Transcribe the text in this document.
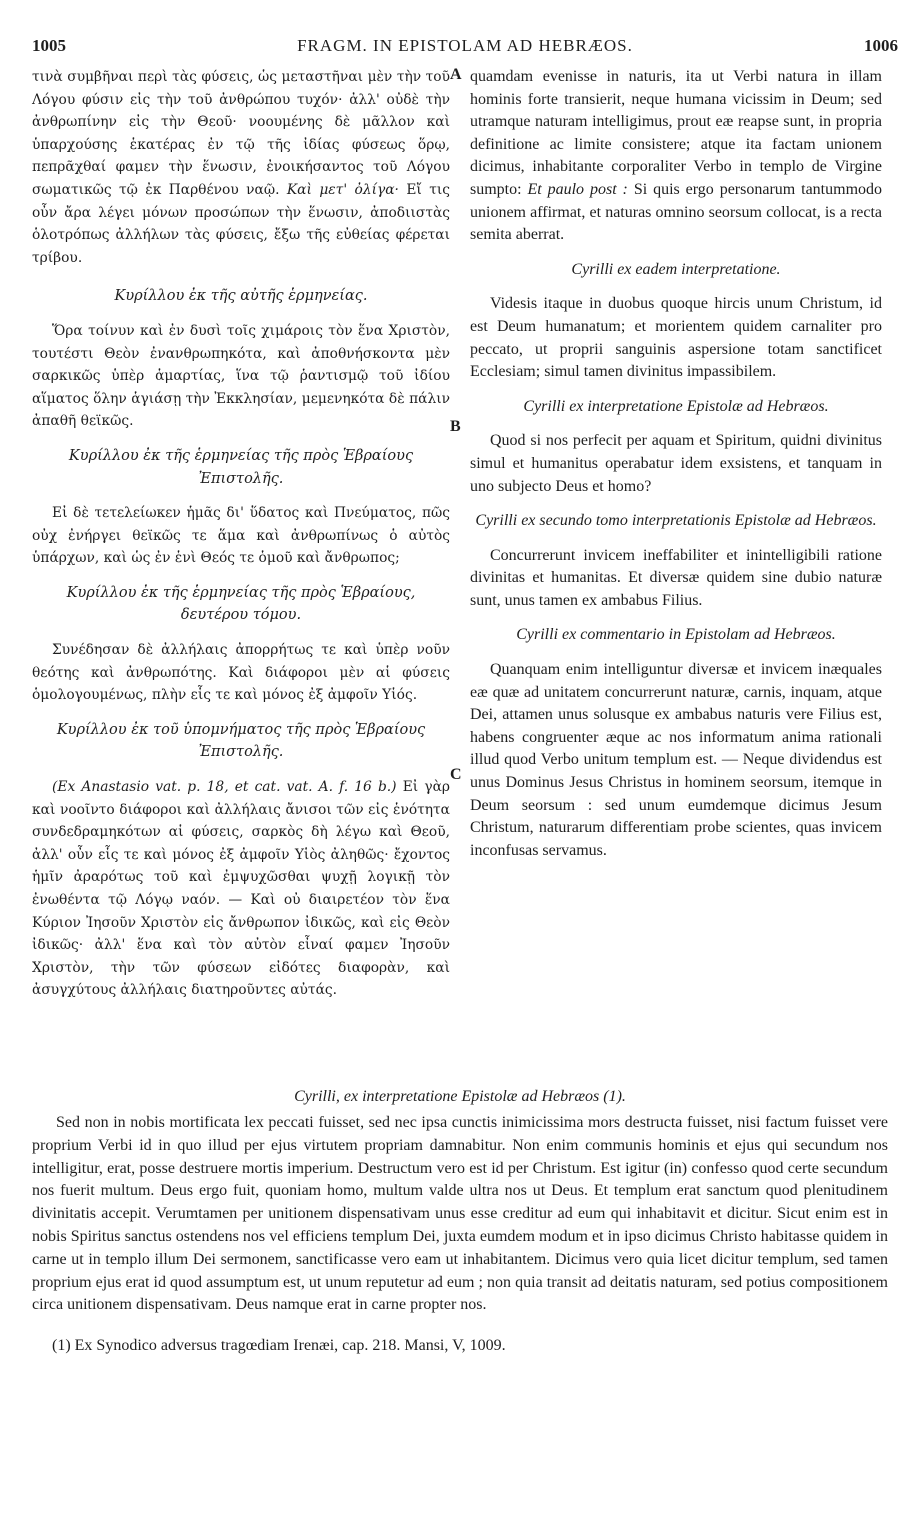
1005	FRAGM. IN EPISTOLAM AD HEBRÆOS.	1006
A
B
C

τινὰ συμβῆναι περὶ τὰς φύσεις, ὡς μεταστῆναι μὲν τὴν τοῦ Λόγου φύσιν εἰς τὴν τοῦ ἀνθρώπου τυχόν· ἀλλ' οὐδὲ τὴν ἀνθρωπίνην εἰς τὴν Θεοῦ· νοουμένης δὲ μᾶλλον καὶ ὑπαρχούσης ἑκατέρας ἐν τῷ τῆς ἰδίας φύσεως ὅρῳ, πεπρᾶχθαί φαμεν τὴν ἕνωσιν, ἐνοικήσαντος τοῦ Λόγου σωματικῶς τῷ ἐκ Παρθένου ναῷ. Καὶ μετ' ὀλίγα· Εἴ τις οὖν ἄρα λέγει μόνων προσώπων τὴν ἕνωσιν, ἀποδιιστὰς ὁλοτρόπως ἀλλήλων τὰς φύσεις, ἔξω τῆς εὐθείας φέρεται τρίβου.

Κυρίλλου ἐκ τῆς αὐτῆς ἑρμηνείας.

Ὅρα τοίνυν καὶ ἐν δυσὶ τοῖς χιμάροις τὸν ἕνα Χριστὸν, τουτέστι Θεὸν ἐνανθρωπηκότα, καὶ ἀποθνήσκοντα μὲν σαρκικῶς ὑπὲρ ἁμαρτίας, ἵνα τῷ ῥαντισμῷ τοῦ ἰδίου αἵματος ὅλην ἁγιάσῃ τὴν Ἐκκλησίαν, μεμενηκότα δὲ πάλιν ἀπαθῆ θεϊκῶς.

Κυρίλλου ἐκ τῆς ἑρμηνείας τῆς πρὸς Ἑβραίους Ἐπιστολῆς.

Εἰ δὲ τετελείωκεν ἡμᾶς δι' ὕδατος καὶ Πνεύματος, πῶς οὐχ ἐνήργει θεϊκῶς τε ἅμα καὶ ἀνθρωπίνως ὁ αὐτὸς ὑπάρχων, καὶ ὡς ἐν ἑνὶ Θεός τε ὁμοῦ καὶ ἄνθρωπος;

Κυρίλλου ἐκ τῆς ἑρμηνείας τῆς πρὸς Ἑβραίους, δευτέρου τόμου.

Συνέδησαν δὲ ἀλλήλαις ἀπορρήτως τε καὶ ὑπὲρ νοῦν θεότης καὶ ἀνθρωπότης. Καὶ διάφοροι μὲν αἱ φύσεις ὁμολογουμένως, πλὴν εἷς τε καὶ μόνος ἐξ ἀμφοῖν Υἱός.

Κυρίλλου ἐκ τοῦ ὑπομνήματος τῆς πρὸς Ἑβραίους Ἐπιστολῆς.

(Ex Anastasio vat. p. 18, et cat. vat. A. f. 16 b.) Εἰ γὰρ καὶ νοοῖντο διάφοροι καὶ ἀλλήλαις ἄνισοι τῶν εἰς ἑνότητα συνδεδραμηκότων αἱ φύσεις, σαρκὸς δὴ λέγω καὶ Θεοῦ, ἀλλ' οὖν εἷς τε καὶ μόνος ἐξ ἀμφοῖν Υἱὸς ἀληθῶς· ἔχοντος ἡμῖν ἀραρότως τοῦ καὶ ἐμψυχῶσθαι ψυχῇ λογικῇ τὸν ἐνωθέντα τῷ Λόγῳ ναόν. — Καὶ οὐ διαιρετέον τὸν ἕνα Κύριον Ἰησοῦν Χριστὸν εἰς ἄνθρωπον ἰδικῶς, καὶ εἰς Θεὸν ἰδικῶς· ἀλλ' ἕνα καὶ τὸν αὐτὸν εἶναί φαμεν Ἰησοῦν Χριστὸν, τὴν τῶν φύσεων εἰδότες διαφορὰν, καὶ ἀσυγχύτους ἀλλήλαις διατηροῦντες αὐτάς.

quamdam evenisse in naturis, ita ut Verbi natura in illam hominis forte transierit, neque humana vicissim in Deum; sed utramque naturam intelligimus, prout eæ reapse sunt, in propria definitione ac limite consistere; atque ita factam unionem dicimus, inhabitante corporaliter Verbo in templo de Virgine sumpto: Et paulo post : Si quis ergo personarum tantummodo unionem affirmat, et naturas omnino seorsum collocat, is a recta semita aberrat.

Cyrilli ex eadem interpretatione.

Videsis itaque in duobus quoque hircis unum Christum, id est Deum humanatum; et morientem quidem carnaliter pro peccato, ut proprii sanguinis aspersione totam sanctificet Ecclesiam; simul tamen divinitus impassibilem.

Cyrilli ex interpretatione Epistolæ ad Hebræos.

Quod si nos perfecit per aquam et Spiritum, quidni divinitus simul et humanitus operabatur idem exsistens, et tanquam in uno subjecto Deus et homo?

Cyrilli ex secundo tomo interpretationis Epistolæ ad Hebræos.

Concurrerunt invicem ineffabiliter et inintelligibili ratione divinitas et humanitas. Et diversæ quidem sine dubio naturæ sunt, unus tamen ex ambabus Filius.

Cyrilli ex commentario in Epistolam ad Hebræos.

Quanquam enim intelliguntur diversæ et invicem inæquales eæ quæ ad unitatem concurrerunt naturæ, carnis, inquam, atque Dei, attamen unus solusque ex ambabus naturis vere Filius est, habens congruenter æque ac nos informatum anima rationali illud quod Verbo unitum templum est. — Neque dividendus est unus Dominus Jesus Christus in hominem seorsum, itemque in Deum seorsum : sed unum eumdemque dicimus Jesum Christum, naturarum differentiam probe scientes, quas invicem inconfusas servamus.

Cyrilli, ex interpretatione Epistolæ ad Hebræos (1).

Sed non in nobis mortificata lex peccati fuisset, sed nec ipsa cunctis inimicissima mors destructa fuisset, nisi factum fuisset vere proprium Verbi id in quo illud per ejus virtutem propriam damnabitur. Non enim communis hominis et ejus qui secundum nos intelligitur, erat, posse destruere mortis imperium. Destructum vero est id per Christum. Est igitur (in) confesso quod certe secundum nos fuerit multum. Deus ergo fuit, quoniam homo, multum valde ultra nos ut Deus. Et templum erat sanctum quod plenitudinem divinitatis accepit. Verumtamen per unitionem dispensativam unus esse creditur ad eum qui inhabitavit et dicitur. Sicut enim est in nobis Spiritus sanctus ostendens nos vel efficiens templum Dei, juxta eumdem modum et in ipso dicimus Christo habitasse quidem in carne ut in templo illum Dei sermonem, sanctificasse vero eam ut inhabitantem. Dicimus vero quia licet dicitur templum, sed tamen proprium ejus erat id quod assumptum est, ut unum reputetur ad eum ; non quia transit ad deitatis naturam, sed potius compositionem circa unitionem dispensativam. Deus namque erat in carne propter nos.

(1) Ex Synodico adversus tragœdiam Irenæi, cap. 218. Mansi, V, 1009.
